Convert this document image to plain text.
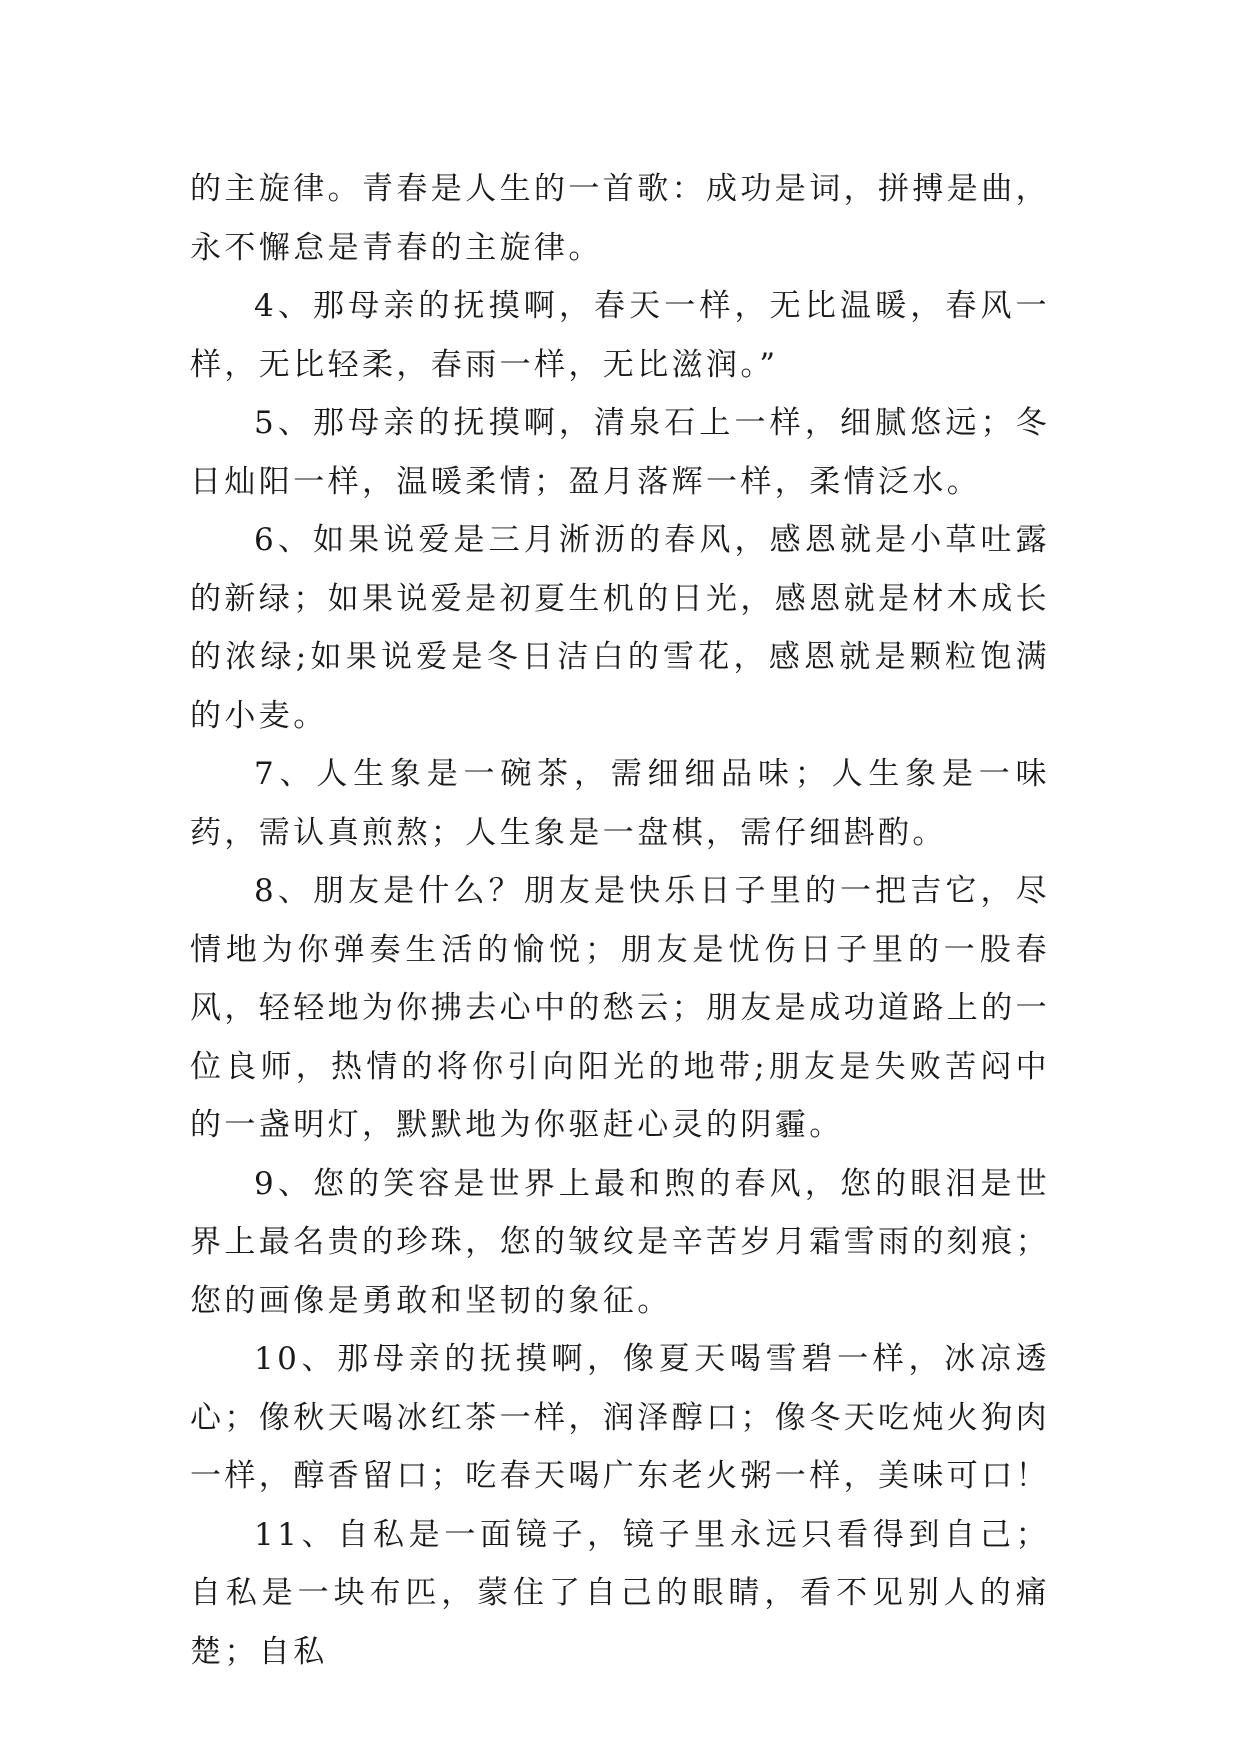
的主旋律。青春是人生的一首歌：成功是词，拼搏是曲，永不懈怠是青春的主旋律。

4、那母亲的抚摸啊，春天一样，无比温暖，春风一样，无比轻柔，春雨一样，无比滋润。”

5、那母亲的抚摸啊，清泉石上一样，细腻悠远；冬日灿阳一样，温暖柔情；盈月落辉一样，柔情泛水。

6、如果说爱是三月淅沥的春风，感恩就是小草吐露的新绿；如果说爱是初夏生机的日光，感恩就是材木成长的浓绿;如果说爱是冬日洁白的雪花，感恩就是颗粒饱满的小麦。

7、人生象是一碗茶，需细细品味；人生象是一味药，需认真煎熬；人生象是一盘棋，需仔细斟酌。

8、朋友是什么？朋友是快乐日子里的一把吉它，尽情地为你弹奏生活的愉悦；朋友是忧伤日子里的一股春风，轻轻地为你拂去心中的愁云；朋友是成功道路上的一位良师，热情的将你引向阳光的地带;朋友是失败苦闷中的一盏明灯，默默地为你驱赶心灵的阴霾。

9、您的笑容是世界上最和煦的春风，您的眼泪是世界上最名贵的珍珠，您的皱纹是辛苦岁月霜雪雨的刻痕；您的画像是勇敢和坚韧的象征。

10、那母亲的抚摸啊，像夏天喝雪碧一样，冰凉透心；像秋天喝冰红茶一样，润泽醇口；像冬天吃炖火狗肉一样，醇香留口；吃春天喝广东老火粥一样，美味可口！

11、自私是一面镜子，镜子里永远只看得到自己；自私是一块布匹，蒙住了自己的眼睛，看不见别人的痛楚；自私
